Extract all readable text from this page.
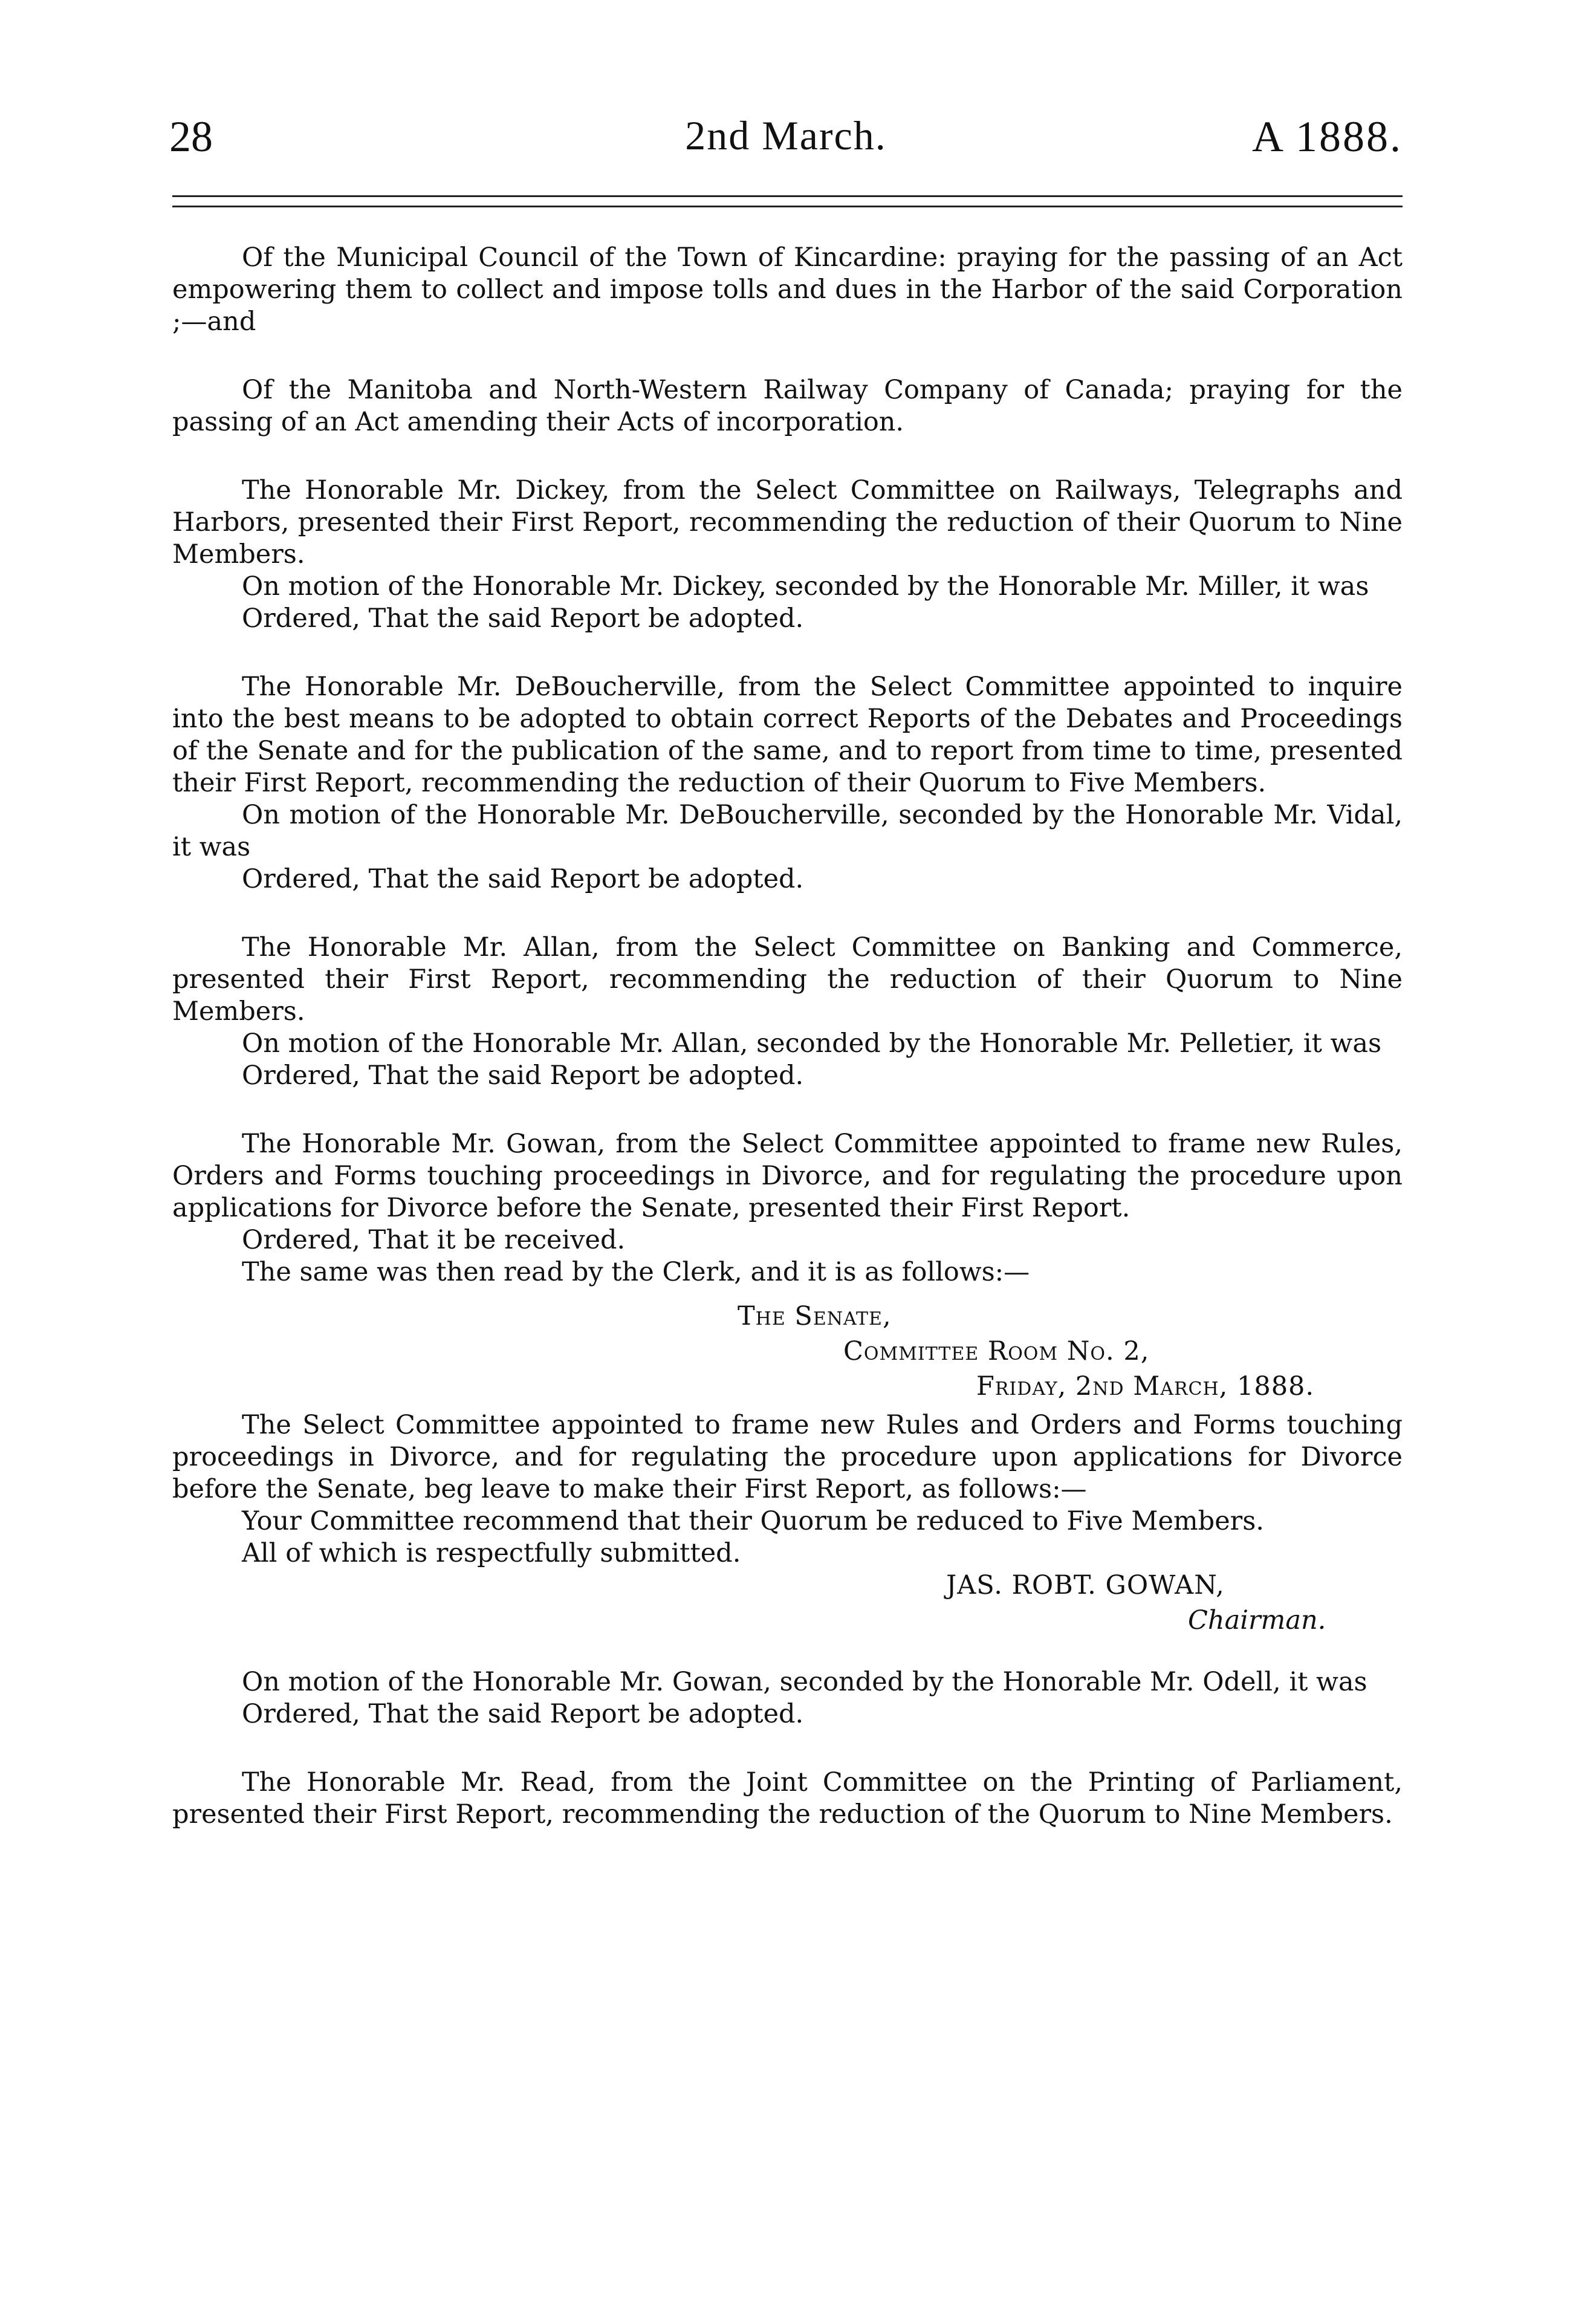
28	2nd March.	A 1888.

Of the Municipal Council of the Town of Kincardine: praying for the passing of an Act empowering them to collect and impose tolls and dues in the Harbor of the said Corporation ;—and

Of the Manitoba and North-Western Railway Company of Canada; praying for the passing of an Act amending their Acts of incorporation.

The Honorable Mr. Dickey, from the Select Committee on Railways, Telegraphs and Harbors, presented their First Report, recommending the reduction of their Quorum to Nine Members.

On motion of the Honorable Mr. Dickey, seconded by the Honorable Mr. Miller, it was

Ordered, That the said Report be adopted.

The Honorable Mr. DeBoucherville, from the Select Committee appointed to inquire into the best means to be adopted to obtain correct Reports of the Debates and Proceedings of the Senate and for the publication of the same, and to report from time to time, presented their First Report, recommending the reduction of their Quorum to Five Members.

On motion of the Honorable Mr. DeBoucherville, seconded by the Honorable Mr. Vidal, it was

Ordered, That the said Report be adopted.

The Honorable Mr. Allan, from the Select Committee on Banking and Commerce, presented their First Report, recommending the reduction of their Quorum to Nine Members.

On motion of the Honorable Mr. Allan, seconded by the Honorable Mr. Pelletier, it was

Ordered, That the said Report be adopted.

The Honorable Mr. Gowan, from the Select Committee appointed to frame new Rules, Orders and Forms touching proceedings in Divorce, and for regulating the procedure upon applications for Divorce before the Senate, presented their First Report.

Ordered, That it be received.

The same was then read by the Clerk, and it is as follows:—

The Senate,
Committee Room No. 2,
Friday, 2nd March, 1888.

The Select Committee appointed to frame new Rules and Orders and Forms touching proceedings in Divorce, and for regulating the procedure upon applications for Divorce before the Senate, beg leave to make their First Report, as follows:—

Your Committee recommend that their Quorum be reduced to Five Members.

All of which is respectfully submitted.

JAS. ROBT. GOWAN,
Chairman.

On motion of the Honorable Mr. Gowan, seconded by the Honorable Mr. Odell, it was

Ordered, That the said Report be adopted.

The Honorable Mr. Read, from the Joint Committee on the Printing of Parliament, presented their First Report, recommending the reduction of the Quorum to Nine Members.
